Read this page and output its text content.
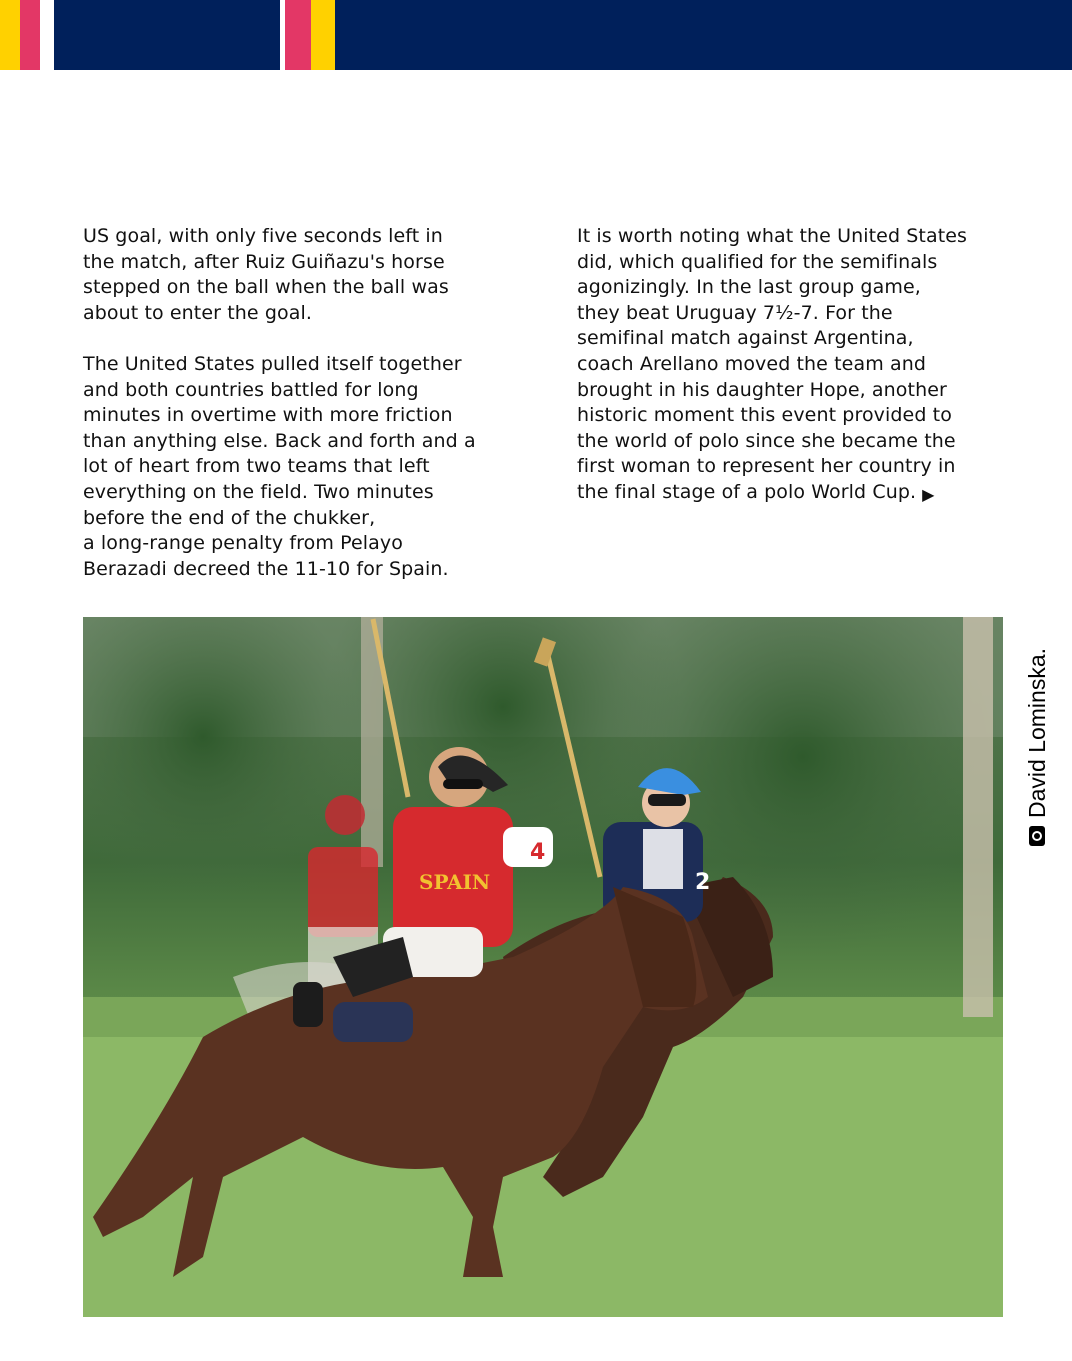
US goal, with only five seconds left in
the match, after Ruiz Guiñazu's horse
stepped on the ball when the ball was
about to enter the goal.

The United States pulled itself together
and both countries battled for long
minutes in overtime with more friction
than anything else. Back and forth and a
lot of heart from two teams that left
everything on the field. Two minutes
before the end of the chukker,
a long-range penalty from Pelayo
Berazadi decreed the 11-10 for Spain.

It is worth noting what the United States
did, which qualified for the semifinals
agonizingly. In the last group game,
they beat Uruguay 7½-7. For the
semifinal match against Argentina,
coach Arellano moved the team and
brought in his daughter Hope, another
historic moment this event provided to
the world of polo since she became the
first woman to represent her country in
the final stage of a polo World Cup. ▶

SPAIN
4
2
David Lominska.
